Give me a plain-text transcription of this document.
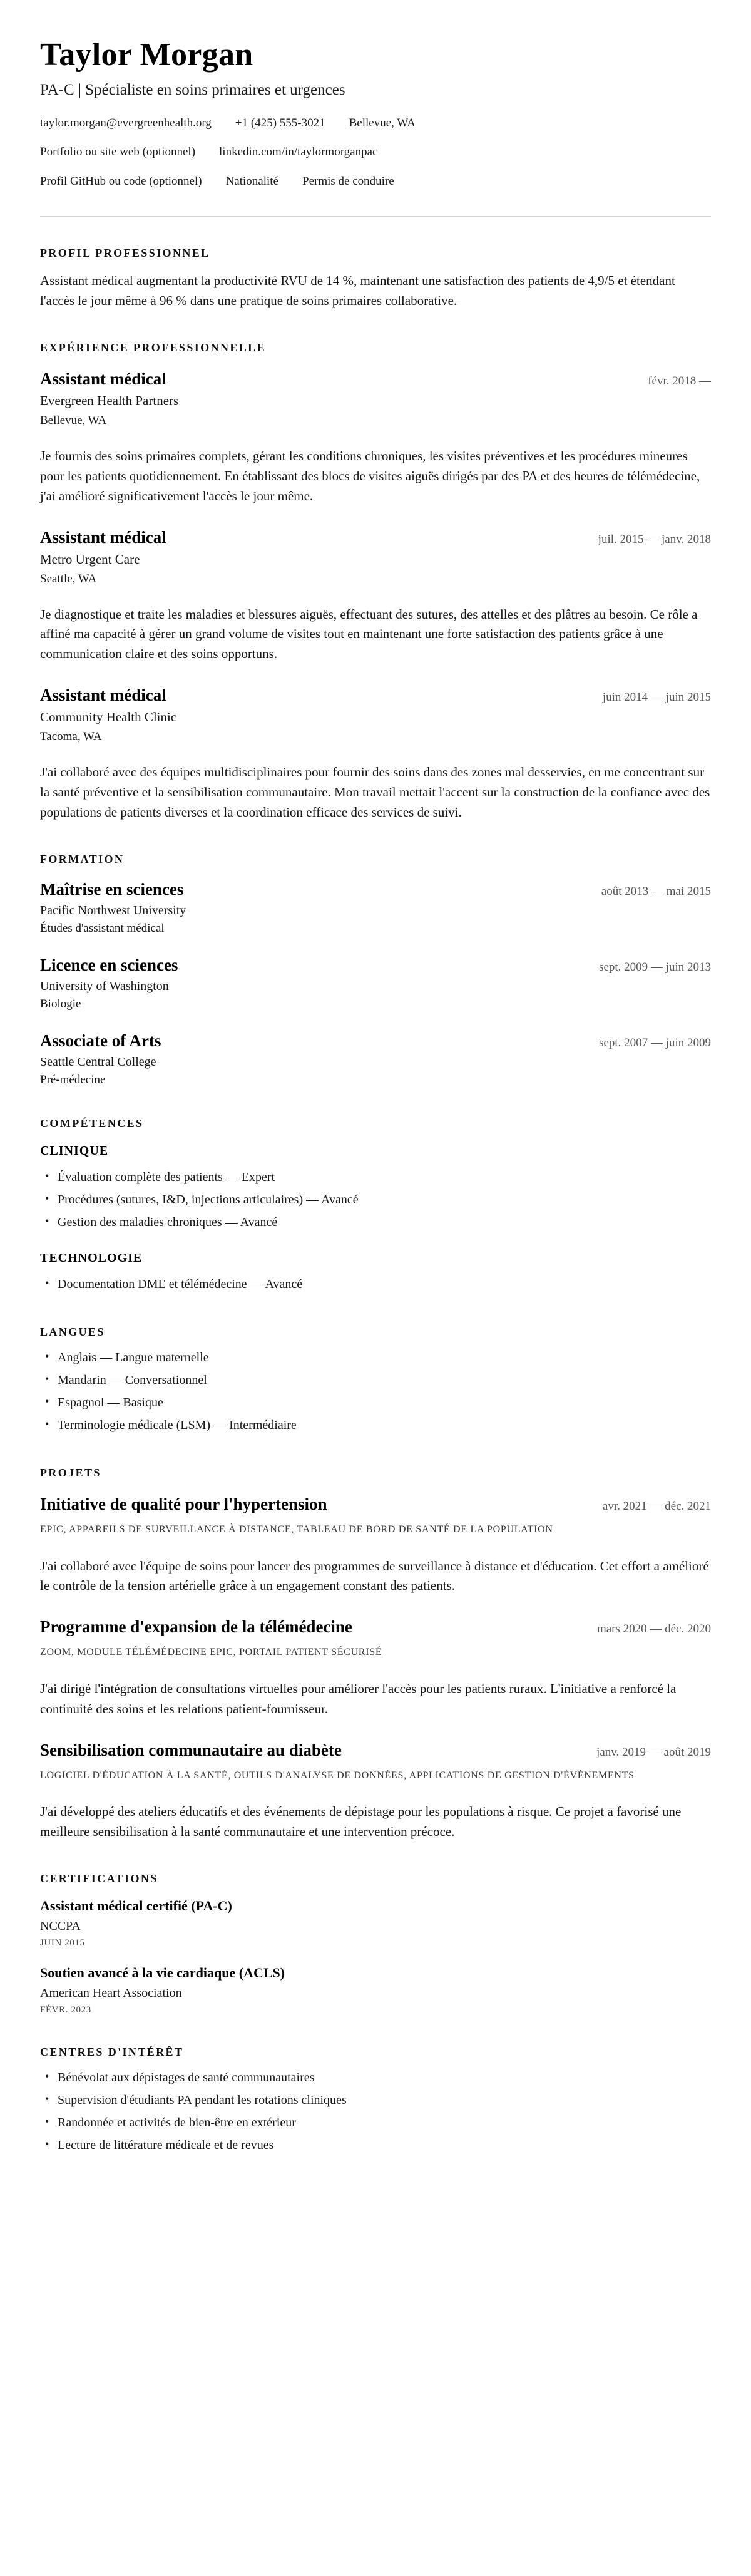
Taylor Morgan
PA-C | Spécialiste en soins primaires et urgences
taylor.morgan@evergreenhealth.org +1 (425) 555-3021 Bellevue, WA
Portfolio ou site web (optionnel) linkedin.com/in/taylormorganpac
Profil GitHub ou code (optionnel) Nationalité Permis de conduire
PROFIL PROFESSIONNEL

Assistant médical augmentant la productivité RVU de 14 %, maintenant une satisfaction des patients de 4,9/5 et étendant l'accès le jour même à 96 % dans une pratique de soins primaires collaborative.

EXPÉRIENCE PROFESSIONNELLE
Assistant médical	févr. 2018 —
Evergreen Health Partners
Bellevue, WA

Je fournis des soins primaires complets, gérant les conditions chroniques, les visites préventives et les procédures mineures pour les patients quotidiennement. En établissant des blocs de visites aiguës dirigés par des PA et des heures de télémédecine, j'ai amélioré significativement l'accès le jour même.

Assistant médical	juil. 2015 — janv. 2018
Metro Urgent Care
Seattle, WA

Je diagnostique et traite les maladies et blessures aiguës, effectuant des sutures, des attelles et des plâtres au besoin. Ce rôle a affiné ma capacité à gérer un grand volume de visites tout en maintenant une forte satisfaction des patients grâce à une communication claire et des soins opportuns.

Assistant médical	juin 2014 — juin 2015
Community Health Clinic
Tacoma, WA

J'ai collaboré avec des équipes multidisciplinaires pour fournir des soins dans des zones mal desservies, en me concentrant sur la santé préventive et la sensibilisation communautaire. Mon travail mettait l'accent sur la construction de la confiance avec des populations de patients diverses et la coordination efficace des services de suivi.

FORMATION
Maîtrise en sciences	août 2013 — mai 2015
Pacific Northwest University
Études d'assistant médical
Licence en sciences	sept. 2009 — juin 2013
University of Washington
Biologie
Associate of Arts	sept. 2007 — juin 2009
Seattle Central College
Pré-médecine
COMPÉTENCES
CLINIQUE
• Évaluation complète des patients — Expert
• Procédures (sutures, I&D, injections articulaires) — Avancé
• Gestion des maladies chroniques — Avancé
TECHNOLOGIE
• Documentation DME et télémédecine — Avancé
LANGUES
• Anglais — Langue maternelle
• Mandarin — Conversationnel
• Espagnol — Basique
• Terminologie médicale (LSM) — Intermédiaire
PROJETS
Initiative de qualité pour l'hypertension	avr. 2021 — déc. 2021
EPIC, APPAREILS DE SURVEILLANCE À DISTANCE, TABLEAU DE BORD DE SANTÉ DE LA POPULATION

J'ai collaboré avec l'équipe de soins pour lancer des programmes de surveillance à distance et d'éducation. Cet effort a amélioré le contrôle de la tension artérielle grâce à un engagement constant des patients.

Programme d'expansion de la télémédecine	mars 2020 — déc. 2020
ZOOM, MODULE TÉLÉMÉDECINE EPIC, PORTAIL PATIENT SÉCURISÉ

J'ai dirigé l'intégration de consultations virtuelles pour améliorer l'accès pour les patients ruraux. L'initiative a renforcé la continuité des soins et les relations patient-fournisseur.

Sensibilisation communautaire au diabète	janv. 2019 — août 2019
LOGICIEL D'ÉDUCATION À LA SANTÉ, OUTILS D'ANALYSE DE DONNÉES, APPLICATIONS DE GESTION D'ÉVÉNEMENTS

J'ai développé des ateliers éducatifs et des événements de dépistage pour les populations à risque. Ce projet a favorisé une meilleure sensibilisation à la santé communautaire et une intervention précoce.

CERTIFICATIONS
Assistant médical certifié (PA-C)
NCCPA
JUIN 2015
Soutien avancé à la vie cardiaque (ACLS)
American Heart Association
FÉVR. 2023
CENTRES D'INTÉRÊT
• Bénévolat aux dépistages de santé communautaires
• Supervision d'étudiants PA pendant les rotations cliniques
• Randonnée et activités de bien-être en extérieur
• Lecture de littérature médicale et de revues
